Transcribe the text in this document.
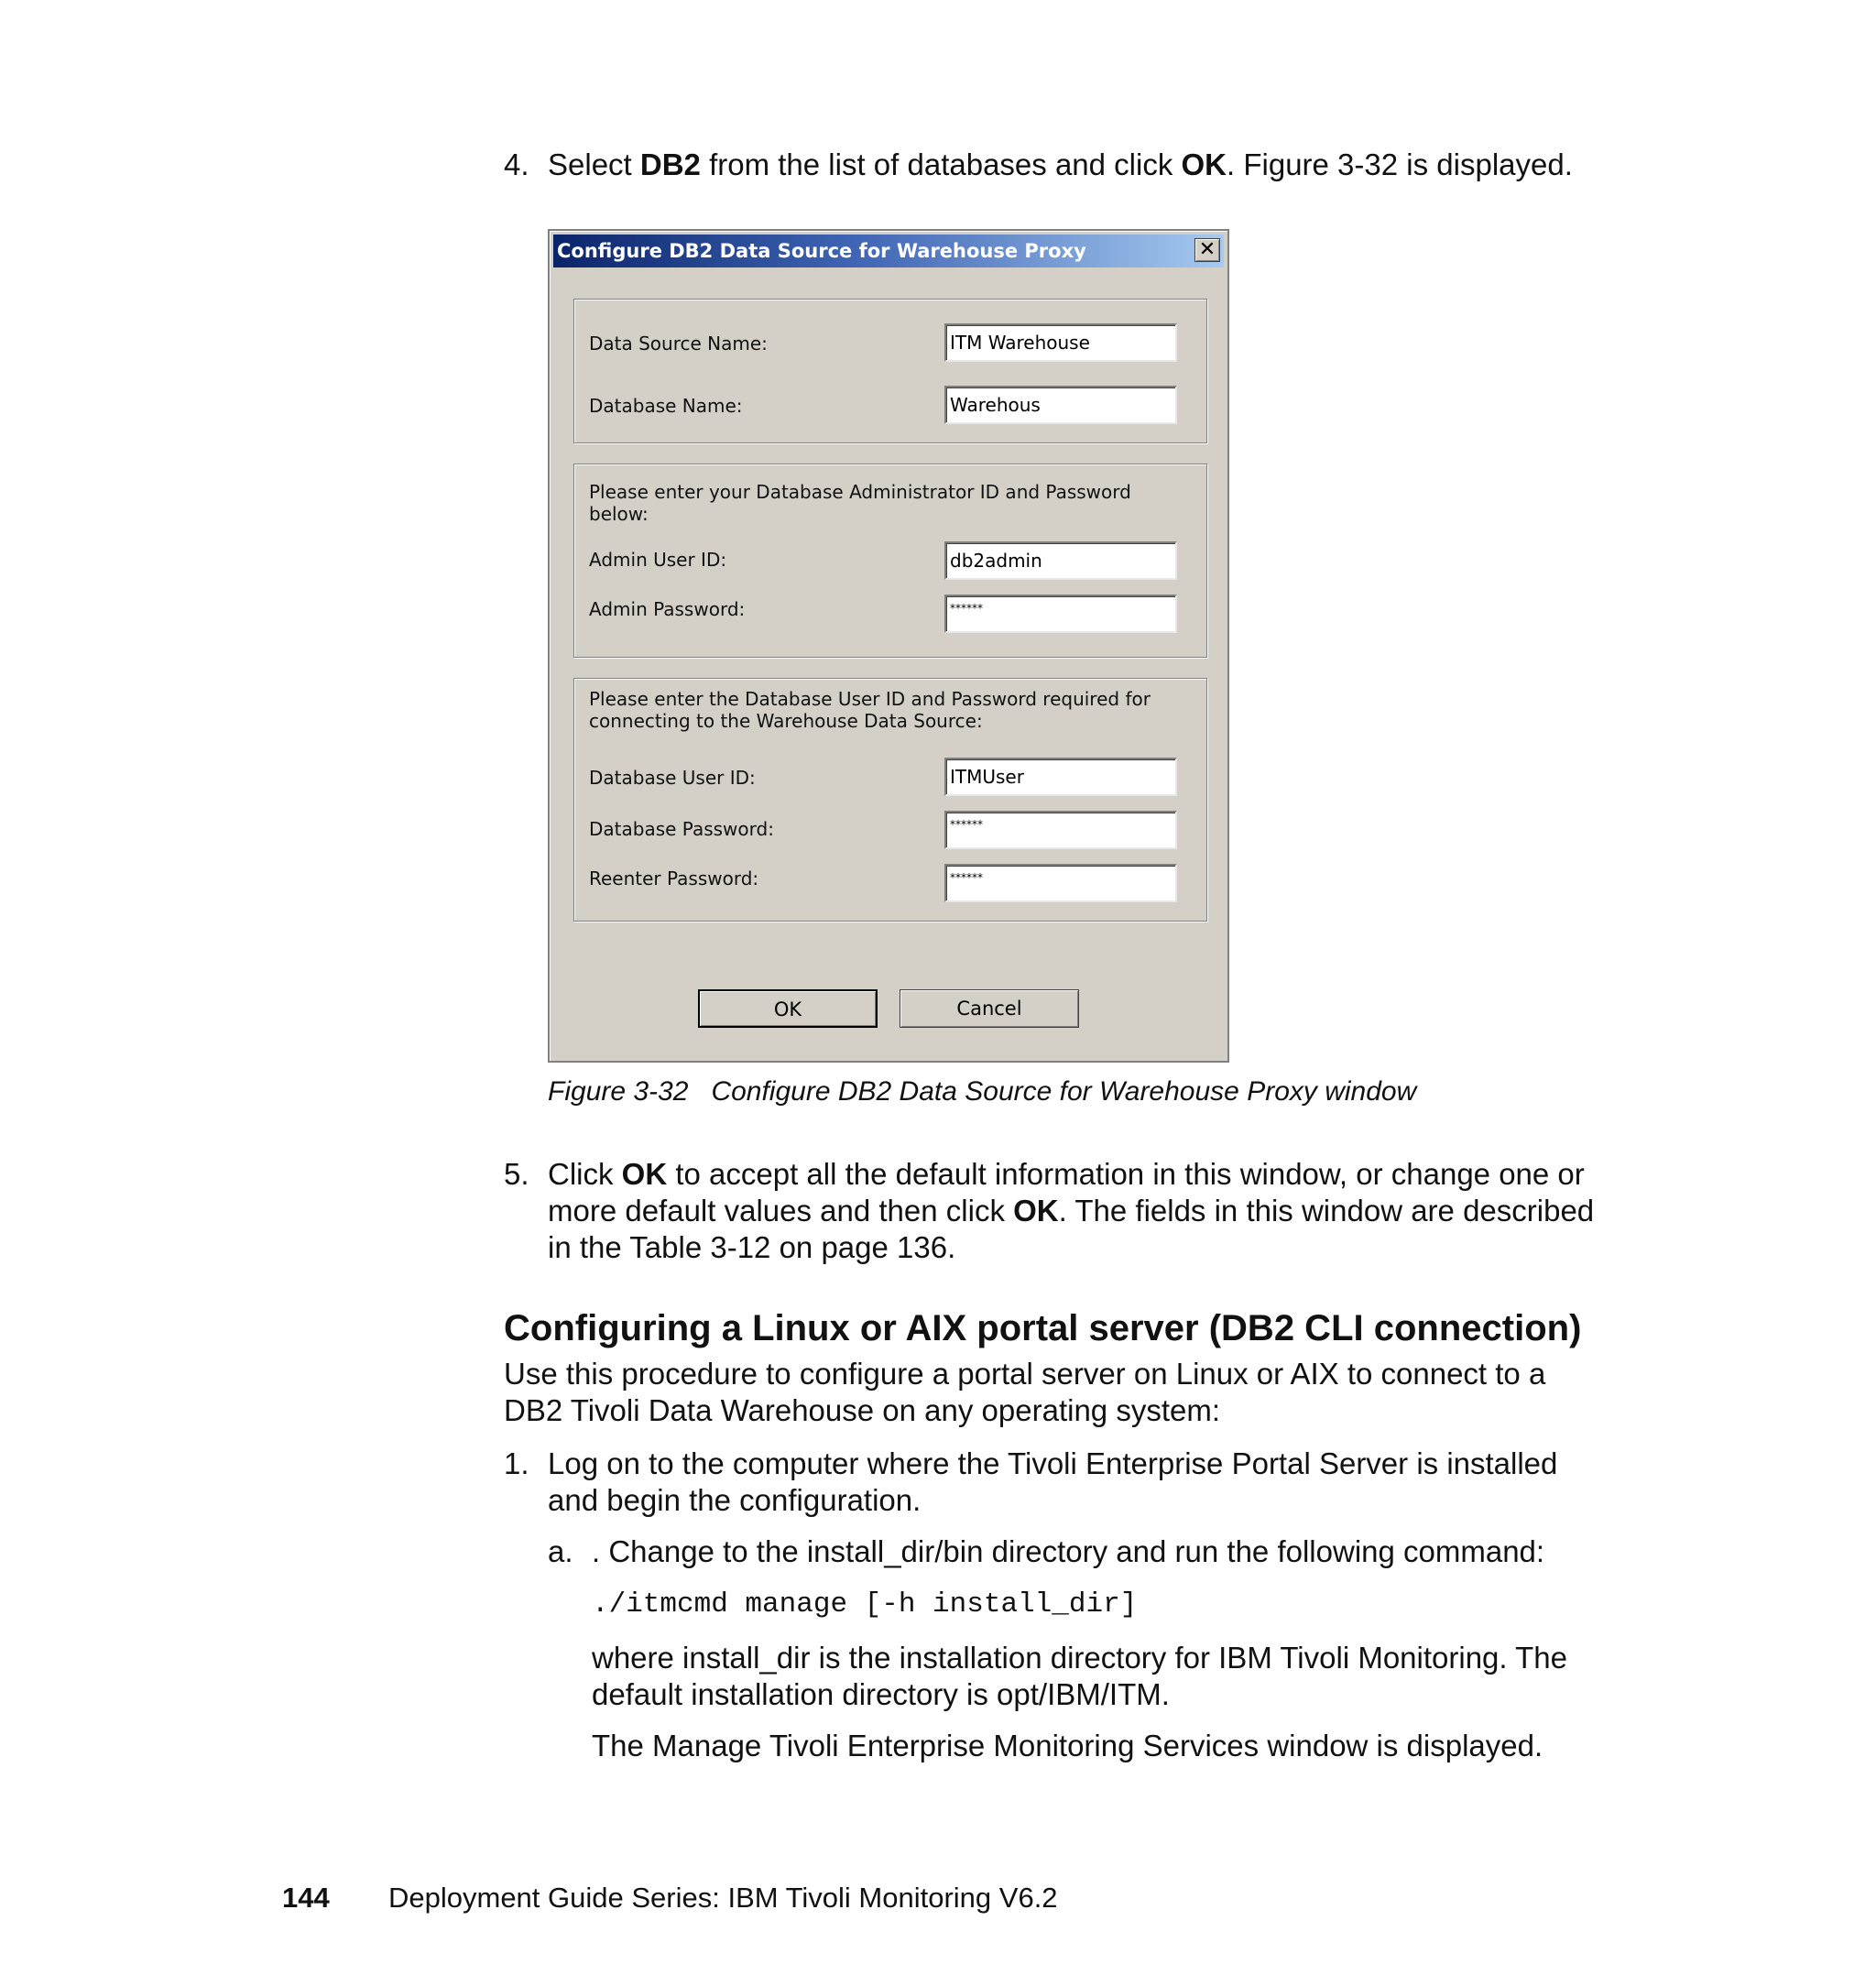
4. Select DB2 from the list of databases and click OK. Figure 3-32 is displayed.
Configure DB2 Data Source for Warehouse Proxy	✕
Data Source Name:
ITM Warehouse
Database Name:
Warehous
Please enter your Database Administrator ID and Password below:
Admin User ID:
db2admin
Admin Password:	******
Please enter the Database User ID and Password required for connecting to the Warehouse Data Source:
Database User ID:
ITMUser
Database Password:	******
Reenter Password:	******
OK	Cancel
Figure 3-32 Configure DB2 Data Source for Warehouse Proxy window
5. Click OK to accept all the default information in this window, or change one or more default values and then click OK. The fields in this window are described in the Table 3-12 on page 136.
Configuring a Linux or AIX portal server (DB2 CLI connection)
Use this procedure to configure a portal server on Linux or AIX to connect to a DB2 Tivoli Data Warehouse on any operating system:
1. Log on to the computer where the Tivoli Enterprise Portal Server is installed and begin the configuration.
a. . Change to the install_dir/bin directory and run the following command:
./itmcmd manage [-h install_dir]
where install_dir is the installation directory for IBM Tivoli Monitoring. The default installation directory is opt/IBM/ITM.
The Manage Tivoli Enterprise Monitoring Services window is displayed.
144 Deployment Guide Series: IBM Tivoli Monitoring V6.2
